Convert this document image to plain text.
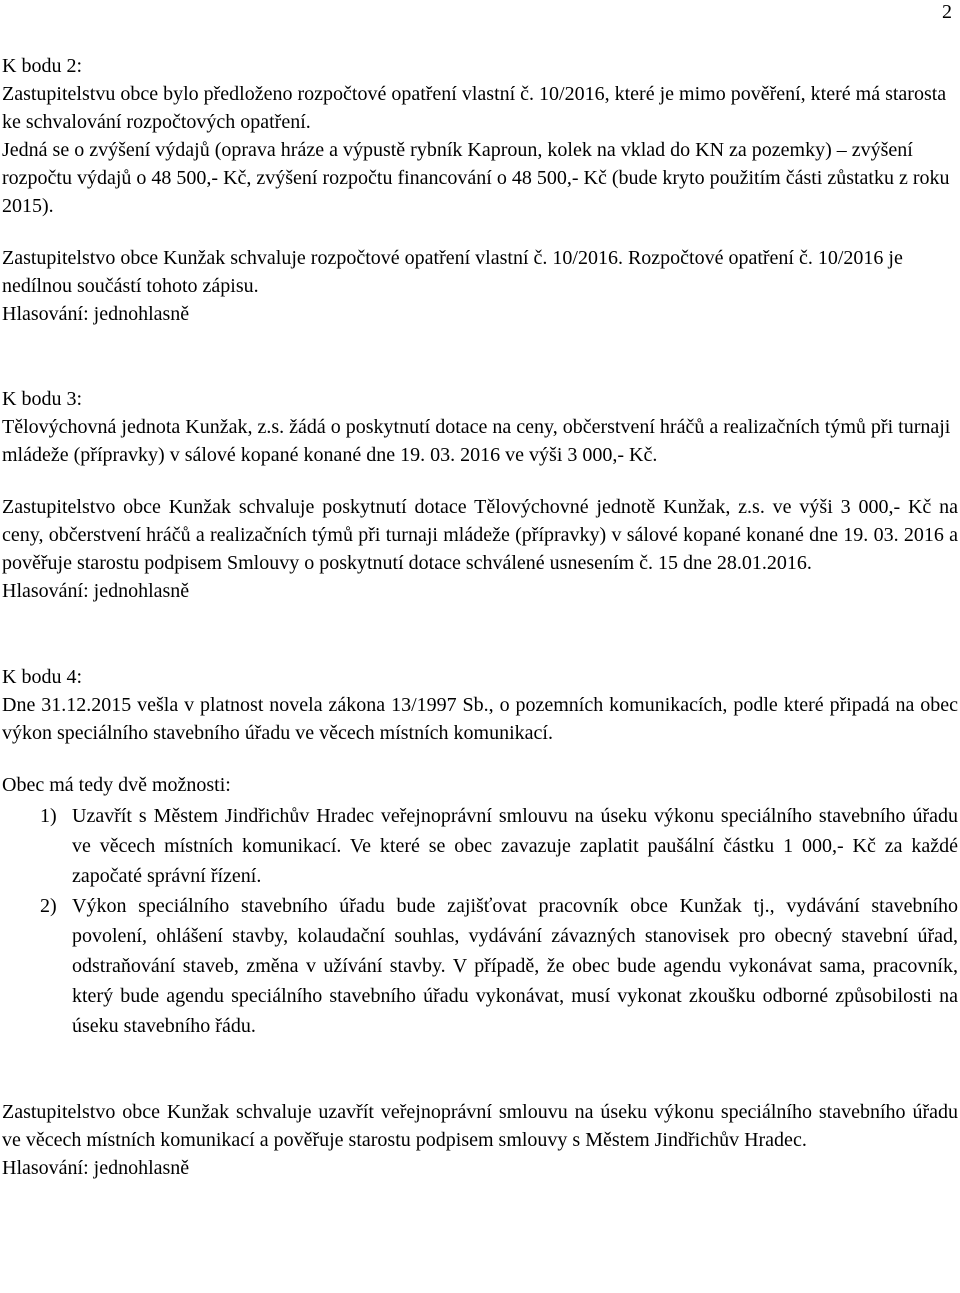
2

K bodu 2:

Zastupitelstvu obce bylo předloženo rozpočtové opatření vlastní č. 10/2016, které je mimo pověření, které má starosta ke schvalování rozpočtových opatření.

Jedná se o zvýšení výdajů (oprava hráze a výpustě rybník Kaproun, kolek na vklad do KN za pozemky) – zvýšení rozpočtu výdajů o 48 500,- Kč, zvýšení rozpočtu financování o 48 500,- Kč (bude kryto použitím části zůstatku z roku 2015).

Zastupitelstvo obce Kunžak schvaluje rozpočtové opatření vlastní č. 10/2016. Rozpočtové opatření č. 10/2016 je nedílnou součástí tohoto zápisu.

Hlasování: jednohlasně

K bodu 3:

Tělovýchovná jednota Kunžak, z.s. žádá o poskytnutí dotace na ceny, občerstvení hráčů a realizačních týmů při turnaji mládeže (přípravky) v sálové kopané konané dne 19. 03. 2016 ve výši 3 000,- Kč.

Zastupitelstvo obce Kunžak schvaluje poskytnutí dotace Tělovýchovné jednotě Kunžak, z.s. ve výši 3 000,- Kč na ceny, občerstvení hráčů a realizačních týmů při turnaji mládeže (přípravky) v sálové kopané konané dne 19. 03. 2016 a pověřuje starostu podpisem Smlouvy o poskytnutí dotace schválené usnesením č. 15 dne 28.01.2016.

Hlasování: jednohlasně

K bodu 4:

Dne 31.12.2015 vešla v platnost novela zákona 13/1997 Sb., o pozemních komunikacích, podle které připadá na obec výkon speciálního stavebního úřadu ve věcech místních komunikací.

Obec má tedy dvě možnosti:

1) Uzavřít s Městem Jindřichův Hradec veřejnoprávní smlouvu na úseku výkonu speciálního stavebního úřadu ve věcech místních komunikací. Ve které se obec zavazuje zaplatit paušální částku 1 000,- Kč za každé započaté správní řízení.
2) Výkon speciálního stavebního úřadu bude zajišťovat pracovník obce Kunžak tj., vydávání stavebního povolení, ohlášení stavby, kolaudační souhlas, vydávání závazných stanovisek pro obecný stavební úřad, odstraňování staveb, změna v užívání stavby. V případě, že obec bude agendu vykonávat sama, pracovník, který bude agendu speciálního stavebního úřadu vykonávat, musí vykonat zkoušku odborné způsobilosti na úseku stavebního řádu.

Zastupitelstvo obce Kunžak schvaluje uzavřít veřejnoprávní smlouvu na úseku výkonu speciálního stavebního úřadu ve věcech místních komunikací a pověřuje starostu podpisem smlouvy s Městem Jindřichův Hradec.

Hlasování: jednohlasně
